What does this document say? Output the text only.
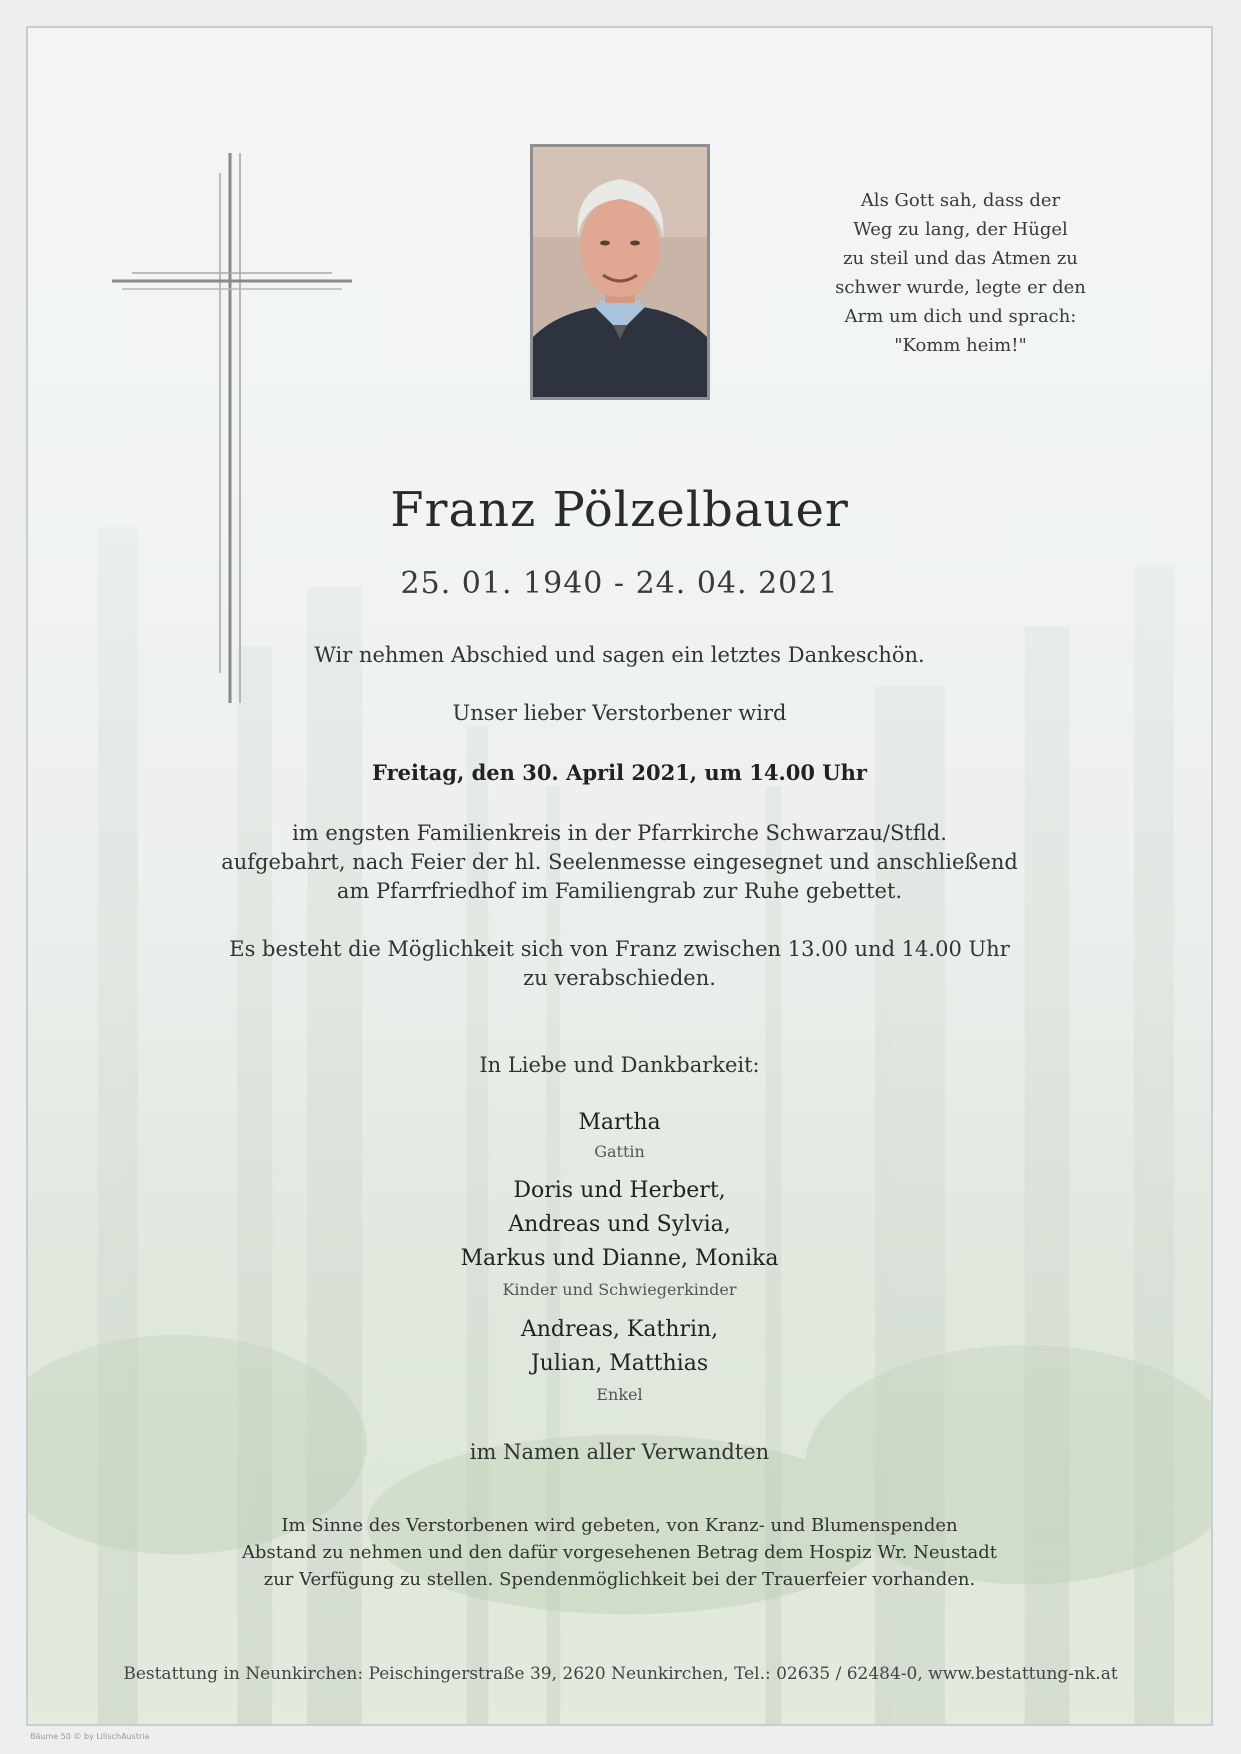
Als Gott sah, dass der
Weg zu lang, der Hügel
zu steil und das Atmen zu
schwer wurde, legte er den
Arm um dich und sprach:
"Komm heim!"
Franz Pölzelbauer
25. 01. 1940 - 24. 04. 2021
Wir nehmen Abschied und sagen ein letztes Dankeschön.
Unser lieber Verstorbener wird
Freitag, den 30. April 2021, um 14.00 Uhr
im engsten Familienkreis in der Pfarrkirche Schwarzau/Stfld.
aufgebahrt, nach Feier der hl. Seelenmesse eingesegnet und anschließend
am Pfarrfriedhof im Familiengrab zur Ruhe gebettet.
Es besteht die Möglichkeit sich von Franz zwischen 13.00 und 14.00 Uhr
zu verabschieden.
In Liebe und Dankbarkeit:
Martha
Gattin
Doris und Herbert,
Andreas und Sylvia,
Markus und Dianne, Monika
Kinder und Schwiegerkinder
Andreas, Kathrin,
Julian, Matthias
Enkel
im Namen aller Verwandten
Im Sinne des Verstorbenen wird gebeten, von Kranz- und Blumenspenden
Abstand zu nehmen und den dafür vorgesehenen Betrag dem Hospiz Wr. Neustadt
zur Verfügung zu stellen. Spendenmöglichkeit bei der Trauerfeier vorhanden.
Bestattung in Neunkirchen: Peischingerstraße 39, 2620 Neunkirchen, Tel.: 02635 / 62484-0, www.bestattung-nk.at
Bäume 50 © by LilischAustria
